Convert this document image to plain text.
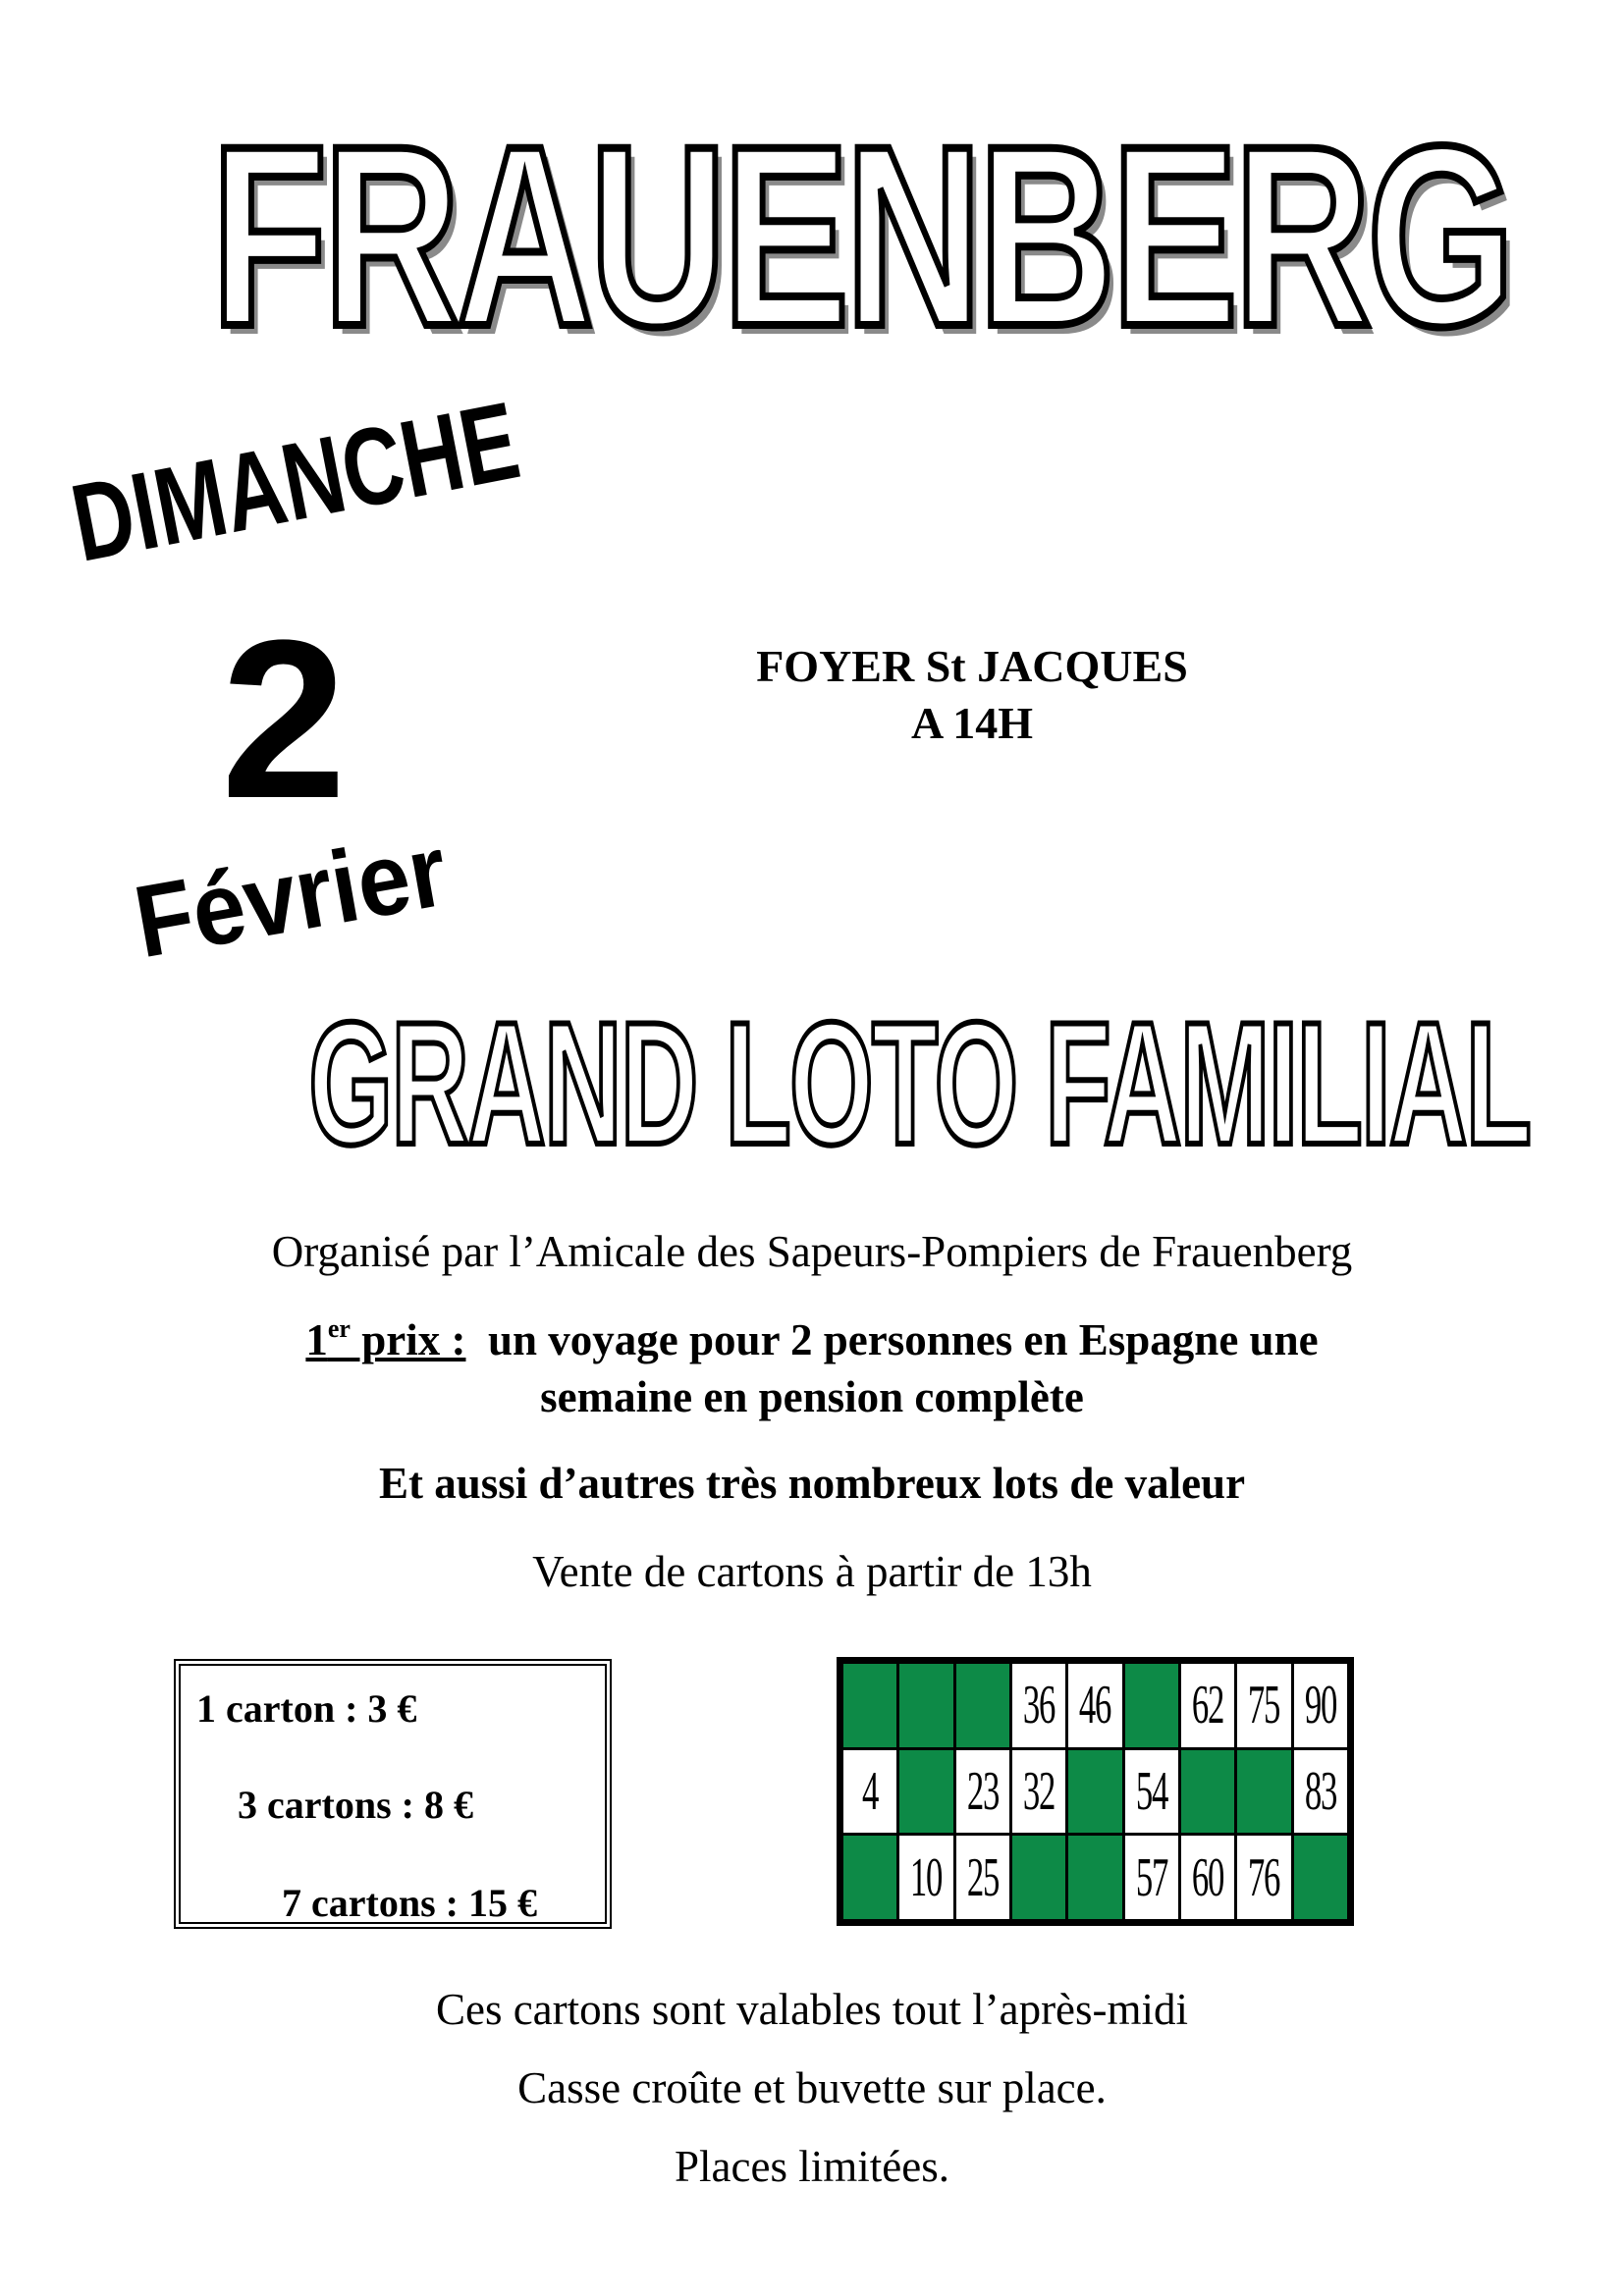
FRAUENBERG
DIMANCHE
2
Février
FOYER St JACQUES
A 14H
GRAND LOTO FAMILIAL
Organisé par l’Amicale des Sapeurs-Pompiers de Frauenberg
1er prix : un voyage pour 2 personnes en Espagne une
semaine en pension complète
Et aussi d’autres très nombreux lots de valeur
Vente de cartons à partir de 13h
1 carton : 3 €
3 cartons : 8 €
7 cartons : 15 €
36 46 62 75 90
4 23 32 54 83
10 25 57 60 76
Ces cartons sont valables tout l’après-midi
Casse croûte et buvette sur place.
Places limitées.
